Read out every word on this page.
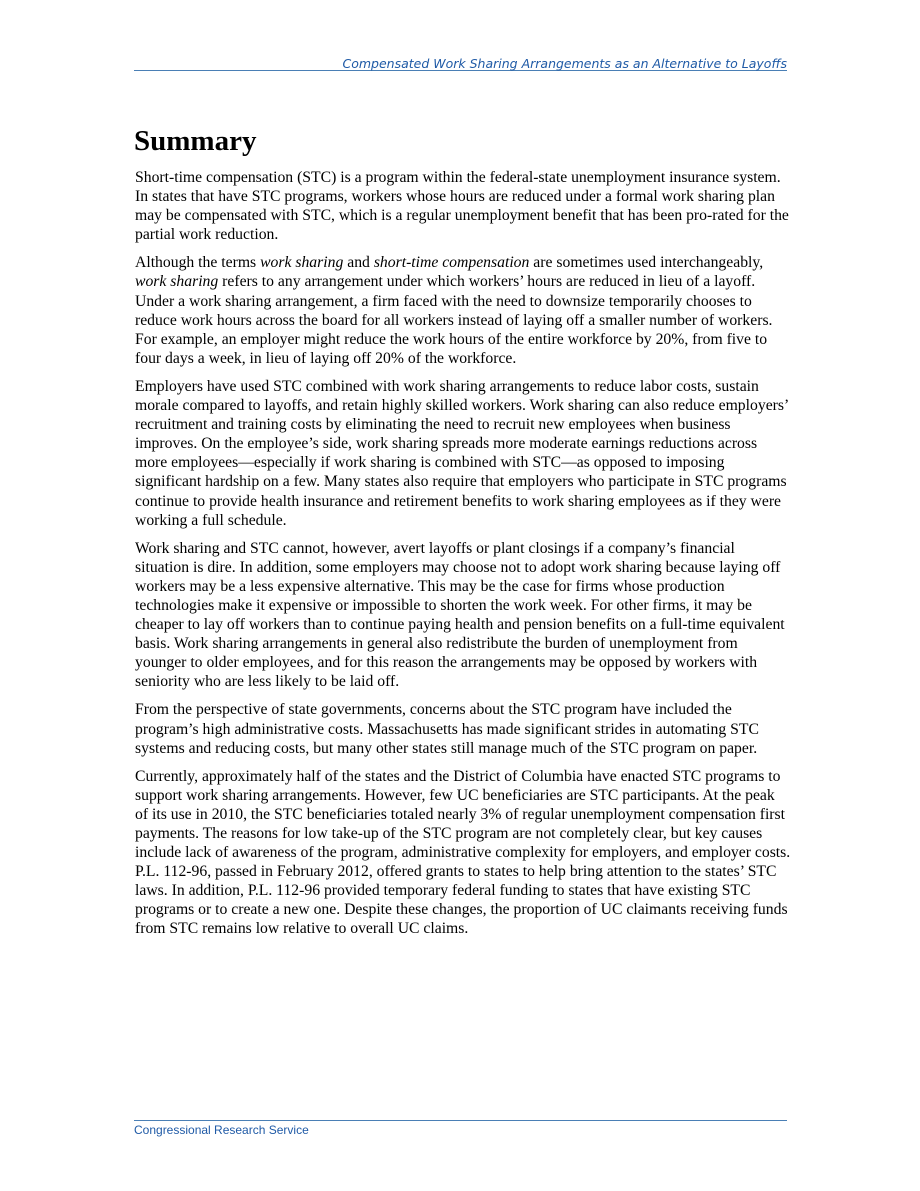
Compensated Work Sharing Arrangements as an Alternative to Layoffs
Summary

Short-time compensation (STC) is a program within the federal-state unemployment insurance system. In states that have STC programs, workers whose hours are reduced under a formal work sharing plan may be compensated with STC, which is a regular unemployment benefit that has been pro-rated for the partial work reduction.

Although the terms work sharing and short-time compensation are sometimes used interchangeably, work sharing refers to any arrangement under which workers’ hours are reduced in lieu of a layoff. Under a work sharing arrangement, a firm faced with the need to downsize temporarily chooses to reduce work hours across the board for all workers instead of laying off a smaller number of workers. For example, an employer might reduce the work hours of the entire workforce by 20%, from five to four days a week, in lieu of laying off 20% of the workforce.

Employers have used STC combined with work sharing arrangements to reduce labor costs, sustain morale compared to layoffs, and retain highly skilled workers. Work sharing can also reduce employers’ recruitment and training costs by eliminating the need to recruit new employees when business improves. On the employee’s side, work sharing spreads more moderate earnings reductions across more employees—especially if work sharing is combined with STC—as opposed to imposing significant hardship on a few. Many states also require that employers who participate in STC programs continue to provide health insurance and retirement benefits to work sharing employees as if they were working a full schedule.

Work sharing and STC cannot, however, avert layoffs or plant closings if a company’s financial situation is dire. In addition, some employers may choose not to adopt work sharing because laying off workers may be a less expensive alternative. This may be the case for firms whose production technologies make it expensive or impossible to shorten the work week. For other firms, it may be cheaper to lay off workers than to continue paying health and pension benefits on a full-time equivalent basis. Work sharing arrangements in general also redistribute the burden of unemployment from younger to older employees, and for this reason the arrangements may be opposed by workers with seniority who are less likely to be laid off.

From the perspective of state governments, concerns about the STC program have included the program’s high administrative costs. Massachusetts has made significant strides in automating STC systems and reducing costs, but many other states still manage much of the STC program on paper.

Currently, approximately half of the states and the District of Columbia have enacted STC programs to support work sharing arrangements. However, few UC beneficiaries are STC participants. At the peak of its use in 2010, the STC beneficiaries totaled nearly 3% of regular unemployment compensation first payments. The reasons for low take-up of the STC program are not completely clear, but key causes include lack of awareness of the program, administrative complexity for employers, and employer costs. P.L. 112-96, passed in February 2012, offered grants to states to help bring attention to the states’ STC laws. In addition, P.L. 112-96 provided temporary federal funding to states that have existing STC programs or to create a new one. Despite these changes, the proportion of UC claimants receiving funds from STC remains low relative to overall UC claims.

Congressional Research Service
